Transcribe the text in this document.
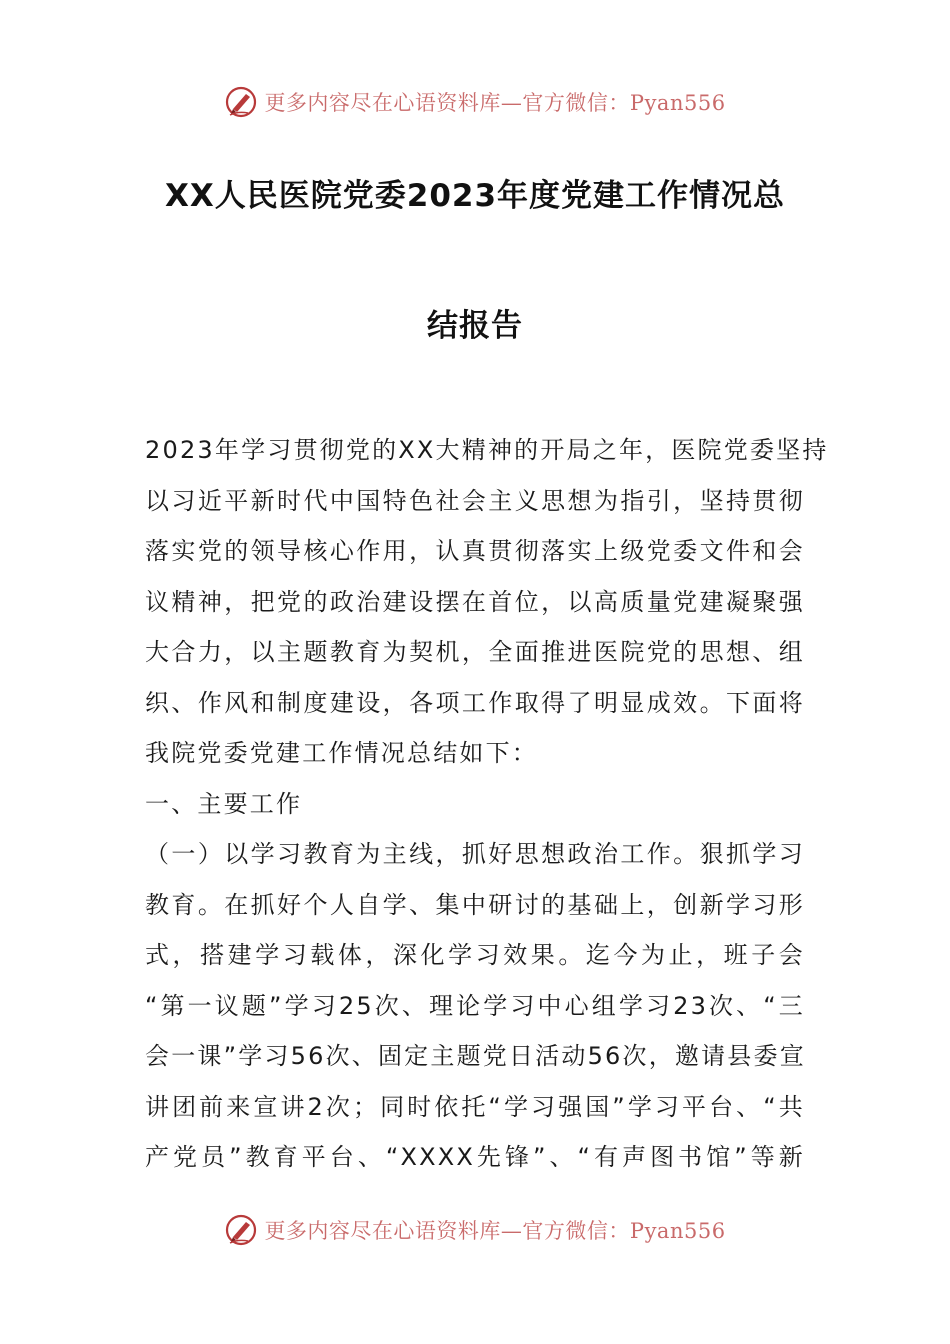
更多内容尽在心语资料库—官方微信：Pyan556
XX人民医院党委2023年度党建工作情况总
结报告
2023年学习贯彻党的XX大精神的开局之年，医院党委坚持
以习近平新时代中国特色社会主义思想为指引，坚持贯彻
落实党的领导核心作用，认真贯彻落实上级党委文件和会
议精神，把党的政治建设摆在首位，以高质量党建凝聚强
大合力，以主题教育为契机，全面推进医院党的思想、组
织、作风和制度建设，各项工作取得了明显成效。下面将
我院党委党建工作情况总结如下：
一、主要工作
（一）以学习教育为主线，抓好思想政治工作。狠抓学习
教育。在抓好个人自学、集中研讨的基础上，创新学习形
式，搭建学习载体，深化学习效果。迄今为止，班子会
“第一议题”学习25次、理论学习中心组学习23次、“三
会一课”学习56次、固定主题党日活动56次，邀请县委宣
讲团前来宣讲2次；同时依托“学习强国”学习平台、“共
产党员”教育平台、“XXXX先锋”、“有声图书馆”等新
更多内容尽在心语资料库—官方微信：Pyan556
